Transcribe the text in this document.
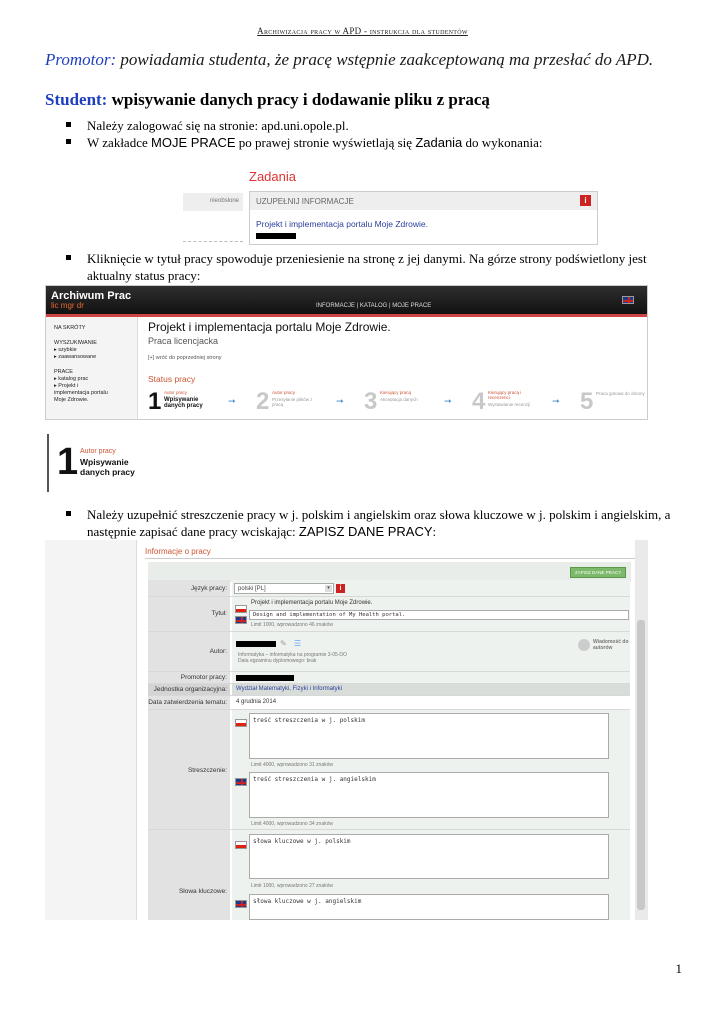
Archiwizacja pracy w APD - instrukcja dla studentów
Promotor: powiadamia studenta, że pracę wstępnie zaakceptowaną ma przesłać do APD.
Student: wpisywanie danych pracy i dodawanie pliku z pracą
Należy zalogować się na stronie: apd.uni.opole.pl.
W zakładce MOJE PRACE po prawej stronie wyświetlają się Zadania do wykonania:
Zadania
nieobsłone	UZUPEŁNIJ INFORMACJE	i
Projekt i implementacja portalu Moje Zdrowie.
Kliknięcie w tytuł pracy spowoduje przeniesienie na stronę z jej danymi. Na górze strony podświetlony jest aktualny status pracy:
Archiwum Prac
lic mgr dr	INFORMACJE | KATALOG | MOJE PRACE
NA SKRÓTY
WYSZUKIWANIE
▸ szybkie
▸ zaawansowane
PRACE
▸ katalog prac
▸ Projekt i implementacja portalu Moje Zdrowie.
Projekt i implementacja portalu Moje Zdrowie.
Praca licencjacka
[+] wróć do poprzedniej strony
Status pracy
1 Autor pracy
Wpisywanie danych pracy	➞ 2 Autor pracy
Przesyłanie plików z pracą	➞ 3 Kierujący pracą
Akceptacja danych	➞ 4 Kierujący pracą i recenzenci
Wystawianie recenzji	➞ 5 Praca gotowa do obrony
1 Autor pracy
Wpisywanie danych pracy
Należy uzupełnić streszczenie pracy w j. polskim i angielskim oraz słowa kluczowe w j. polskim i angielskim, a następnie zapisać dane pracy wciskając: ZAPISZ DANE PRACY:
Informacje o pracy
ZAPISZ DANE PRACY
Język pracy:	polski [PL]	▾	i
Tytuł:
Projekt i implementacja portalu Moje Zdrowie.
Design and implementation of My Health portal.
Limit 1000, wprowadzono 46 znaków
Autor:
✎ ☰
Informatyka – informatyka na programie 3-05-DO
Data egzaminu dyplomowego: brak
Wiadomość do autorów
Promotor pracy:
Jednostka organizacyjna: Wydział Matematyki, Fizyki i Informatyki
Data zatwierdzenia tematu: 4 grudnia 2014
Streszczenie:
treść streszczenia w j. polskim
Limit 4000, wprowadzono 31 znaków
treść streszczenia w j. angielskim
Limit 4000, wprowadzono 34 znaków
Słowa kluczowe:
słowa kluczowe w j. polskim
Limit 1000, wprowadzono 27 znaków
słowa kluczowe w j. angielskim
1
